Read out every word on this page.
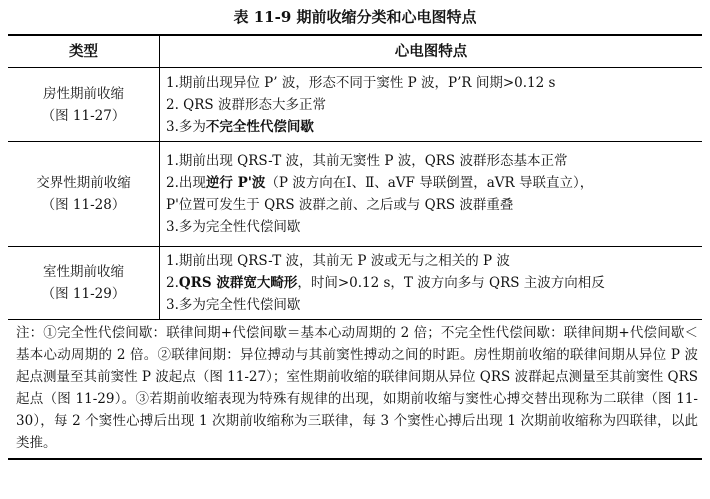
表 11-9 期前收缩分类和心电图特点
类型	心电图特点

房性期前收缩
（图 11-27）	1.期前出现异位 P’ 波，形态不同于窦性 P 波，P’R 间期>0.12 s
2. QRS 波群形态大多正常
3.多为不完全性代偿间歇

交界性期前收缩
（图 11-28）	1.期前出现 QRS-T 波，其前无窦性 P 波，QRS 波群形态基本正常
2.出现逆行 P'波（P 波方向在Ⅰ、Ⅱ、aVF 导联倒置，aVR 导联直立），
P'位置可发生于 QRS 波群之前、之后或与 QRS 波群重叠
3.多为完全性代偿间歇

室性期前收缩
（图 11-29）	1.期前出现 QRS-T 波，其前无 P 波或无与之相关的 P 波
2.QRS 波群宽大畸形，时间>0.12 s，T 波方向多与 QRS 主波方向相反
3.多为完全性代偿间歇

注：①完全性代偿间歇：联律间期+代偿间歇＝基本心动周期的 2 倍；不完全性代偿间歇：联律间期+代偿间歇＜基本心动周期的 2 倍。②联律间期：异位搏动与其前窦性搏动之间的时距。房性期前收缩的联律间期从异位 P 波起点测量至其前窦性 P 波起点（图 11-27）；室性期前收缩的联律间期从异位 QRS 波群起点测量至其前窦性 QRS 起点（图 11-29）。③若期前收缩表现为特殊有规律的出现，如期前收缩与窦性心搏交替出现称为二联律（图 11-30），每 2 个窦性心搏后出现 1 次期前收缩称为三联律，每 3 个窦性心搏后出现 1 次期前收缩称为四联律，以此类推。	
